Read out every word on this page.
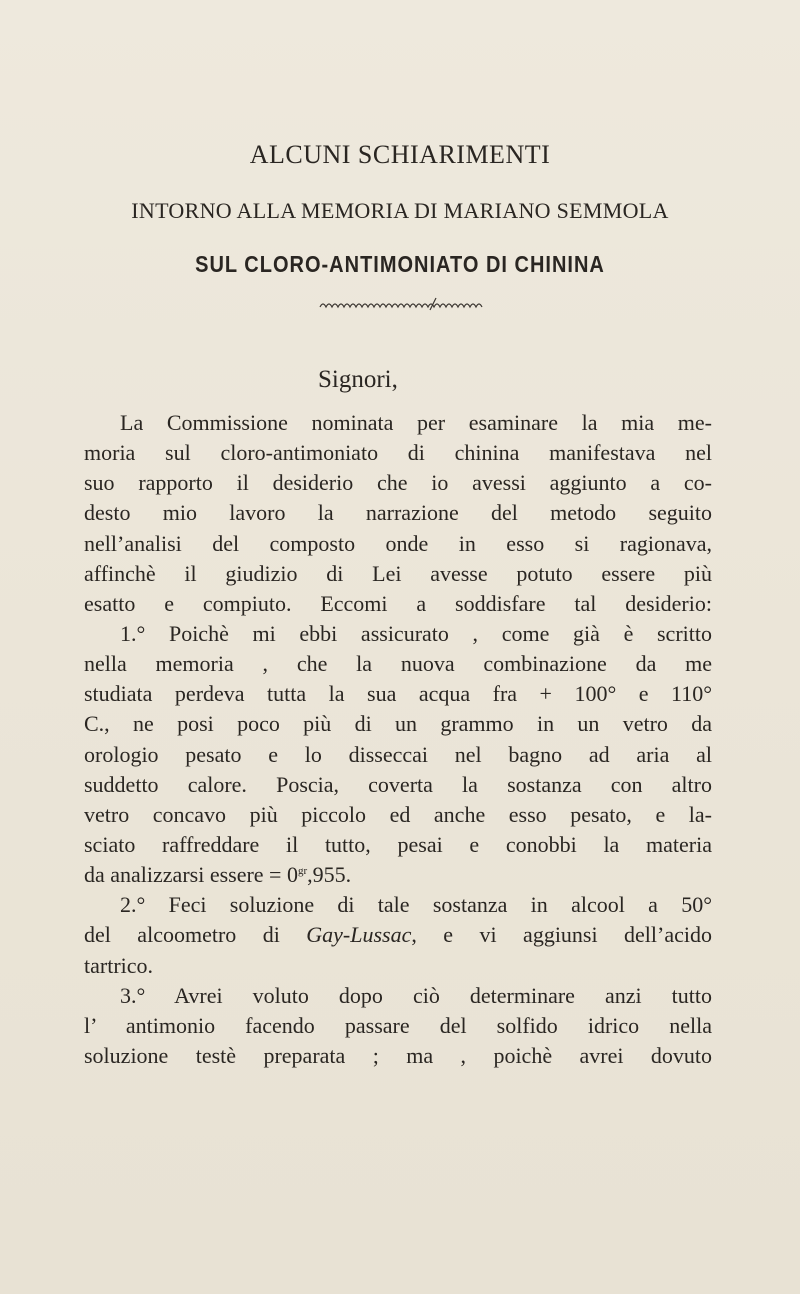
ALCUNI SCHIARIMENTI
INTORNO ALLA MEMORIA DI MARIANO SEMMOLA
SUL CLORO-ANTIMONIATO DI CHININA
Signori,
La Commissione nominata per esaminare la mia me-
moria sul cloro-antimoniato di chinina manifestava nel
suo rapporto il desiderio che io avessi aggiunto a co-
desto mio lavoro la narrazione del metodo seguito
nell’analisi del composto onde in esso si ragionava,
affinchè il giudizio di Lei avesse potuto essere più
esatto e compiuto. Eccomi a soddisfare tal desiderio:
1.° Poichè mi ebbi assicurato , come già è scritto
nella memoria , che la nuova combinazione da me
studiata perdeva tutta la sua acqua fra + 100° e 110°
C., ne posi poco più di un grammo in un vetro da
orologio pesato e lo disseccai nel bagno ad aria al
suddetto calore. Poscia, coverta la sostanza con altro
vetro concavo più piccolo ed anche esso pesato, e la-
sciato raffreddare il tutto, pesai e conobbi la materia
da analizzarsi essere = $0^{gr},955$.
2.° Feci soluzione di tale sostanza in alcool a 50°
del alcoometro di Gay-Lussac, e vi aggiunsi dell’acido
tartrico.
3.° Avrei voluto dopo ciò determinare anzi tutto
l’ antimonio facendo passare del solfido idrico nella
soluzione testè preparata ; ma , poichè avrei dovuto
